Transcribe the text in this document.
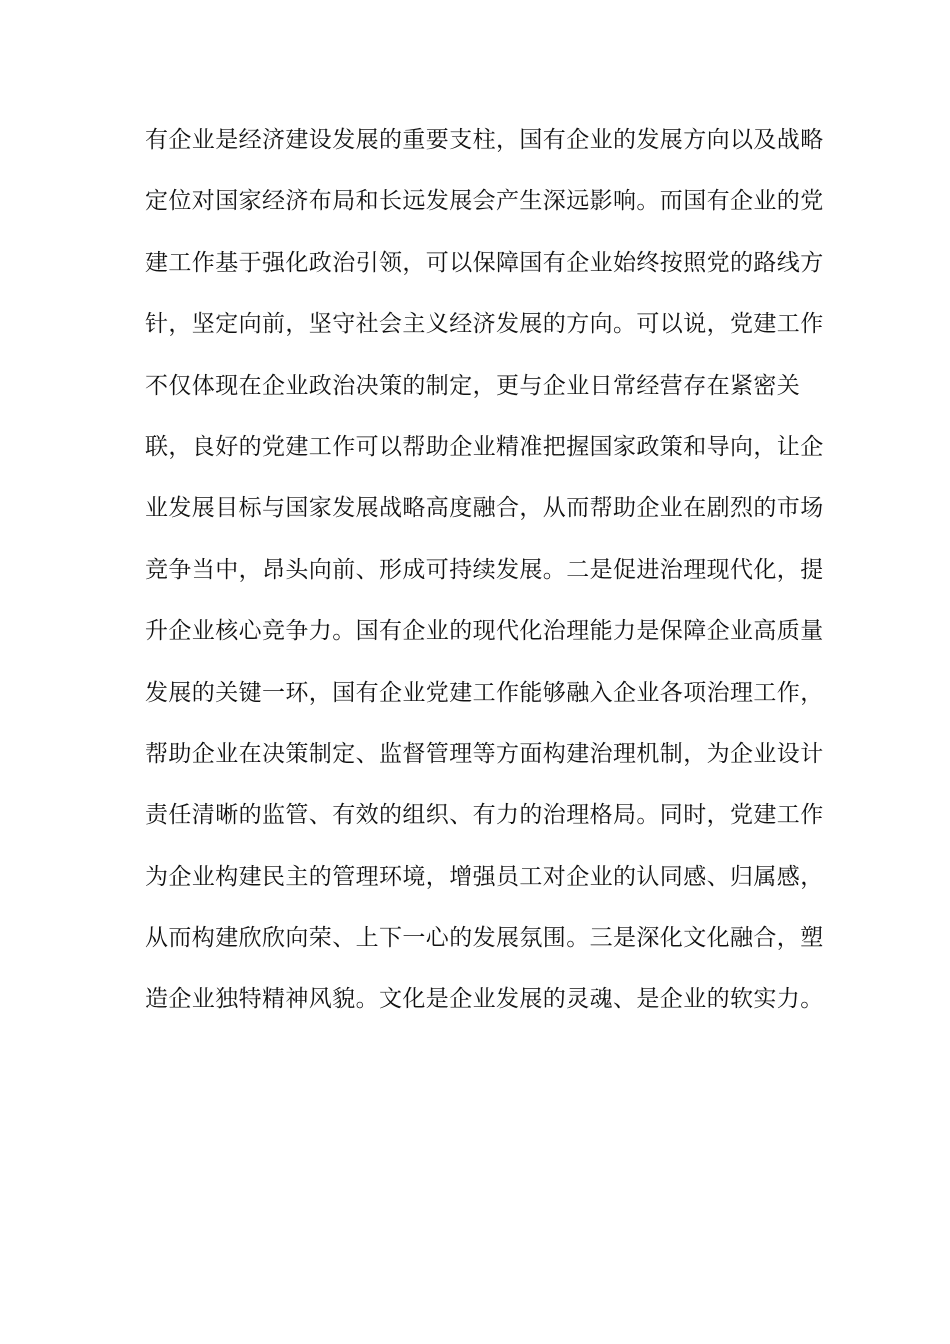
有企业是经济建设发展的重要支柱，国有企业的发展方向以及战略
定位对国家经济布局和长远发展会产生深远影响。而国有企业的党
建工作基于强化政治引领，可以保障国有企业始终按照党的路线方
针，坚定向前，坚守社会主义经济发展的方向。可以说，党建工作
不仅体现在企业政治决策的制定，更与企业日常经营存在紧密关
联，良好的党建工作可以帮助企业精准把握国家政策和导向，让企
业发展目标与国家发展战略高度融合，从而帮助企业在剧烈的市场
竞争当中，昂头向前、形成可持续发展。二是促进治理现代化，提
升企业核心竞争力。国有企业的现代化治理能力是保障企业高质量
发展的关键一环，国有企业党建工作能够融入企业各项治理工作，
帮助企业在决策制定、监督管理等方面构建治理机制，为企业设计
责任清晰的监管、有效的组织、有力的治理格局。同时，党建工作
为企业构建民主的管理环境，增强员工对企业的认同感、归属感，
从而构建欣欣向荣、上下一心的发展氛围。三是深化文化融合，塑
造企业独特精神风貌。文化是企业发展的灵魂、是企业的软实力。
